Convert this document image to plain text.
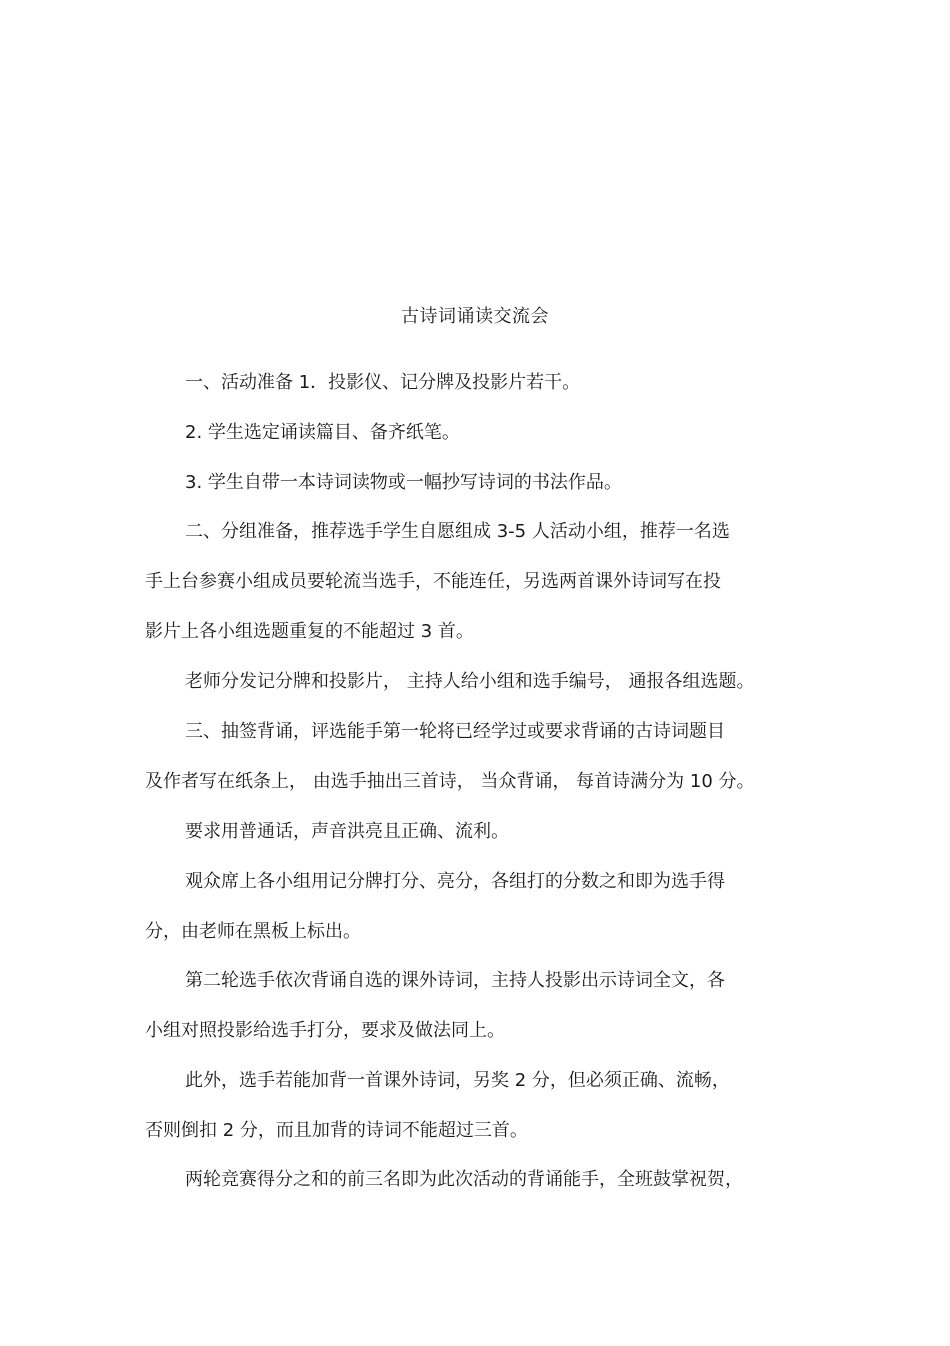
古诗词诵读交流会
一、活动准备 1．投影仪、记分牌及投影片若干。
2. 学生选定诵读篇目、备齐纸笔。
3. 学生自带一本诗词读物或一幅抄写诗词的书法作品。
二、分组准备，推荐选手学生自愿组成 3-5 人活动小组，推荐一名选
手上台参赛小组成员要轮流当选手，不能连任，另选两首课外诗词写在投
影片上各小组选题重复的不能超过 3 首。
老师分发记分牌和投影片， 主持人给小组和选手编号， 通报各组选题。
三、抽签背诵，评选能手第一轮将已经学过或要求背诵的古诗词题目
及作者写在纸条上， 由选手抽出三首诗， 当众背诵， 每首诗满分为 10 分。
要求用普通话，声音洪亮且正确、流利。
观众席上各小组用记分牌打分、亮分，各组打的分数之和即为选手得
分，由老师在黑板上标出。
第二轮选手依次背诵自选的课外诗词，主持人投影出示诗词全文，各
小组对照投影给选手打分，要求及做法同上。
此外，选手若能加背一首课外诗词，另奖 2 分，但必须正确、流畅，
否则倒扣 2 分，而且加背的诗词不能超过三首。
两轮竞赛得分之和的前三名即为此次活动的背诵能手，全班鼓掌祝贺，
